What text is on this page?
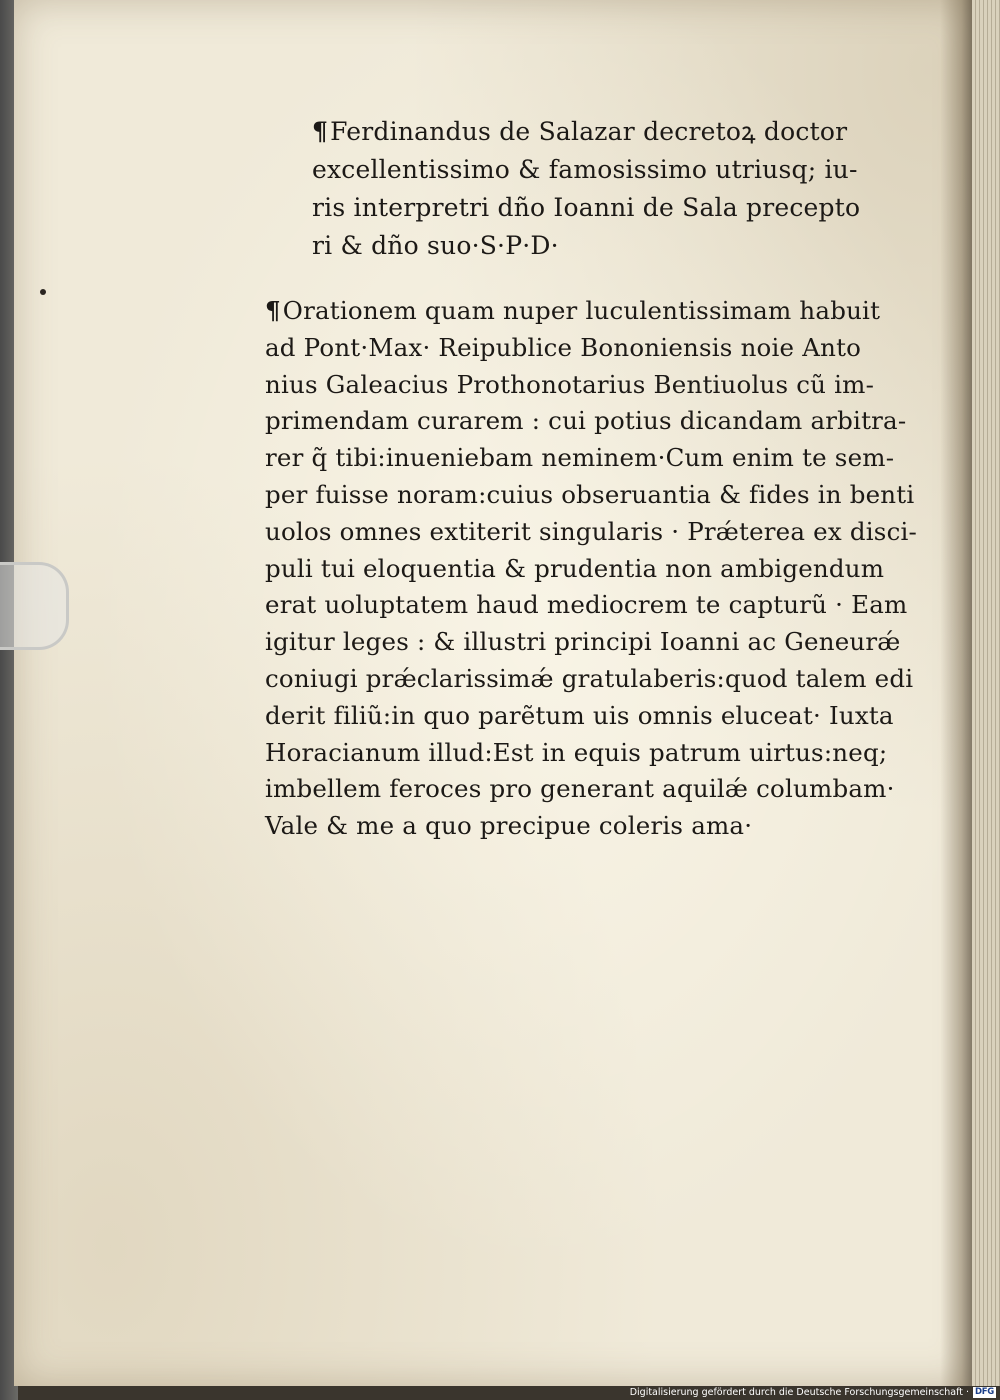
¶Ferdinandus de Salazar decretoꝝ doctor
excellentissimo & famosissimo utriusq; iu-
ris interpretri dño Ioanni de Sala precepto
ri & dño suo·S·P·D·
¶Orationem quam nuper luculentissimam habuit
ad Pont·Max· Reipublice Bononiensis noie Anto
nius Galeacius Prothonotarius Bentiuolus cũ im-
primendam curarem : cui potius dicandam arbitra-
rer q̃ tibi:inueniebam neminem·Cum enim te sem-
per fuisse noram:cuius obseruantia & fides in benti
uolos omnes extiterit singularis · Prǽterea ex disci-
puli tui eloquentia & prudentia non ambigendum
erat uoluptatem haud mediocrem te capturũ · Eam
igitur leges : & illustri principi Ioanni ac Geneurǽ
coniugi prǽclarissimǽ gratulaberis:quod talem edi
derit filiũ:in quo parẽtum uis omnis eluceat· Iuxta
Horacianum illud:Est in equis patrum uirtus:neq;
imbellem feroces pro generant aquilǽ columbam·
Vale & me a quo precipue coleris ama·
Digitalisierung gefördert durch die Deutsche Forschungsgemeinschaft · DFG
